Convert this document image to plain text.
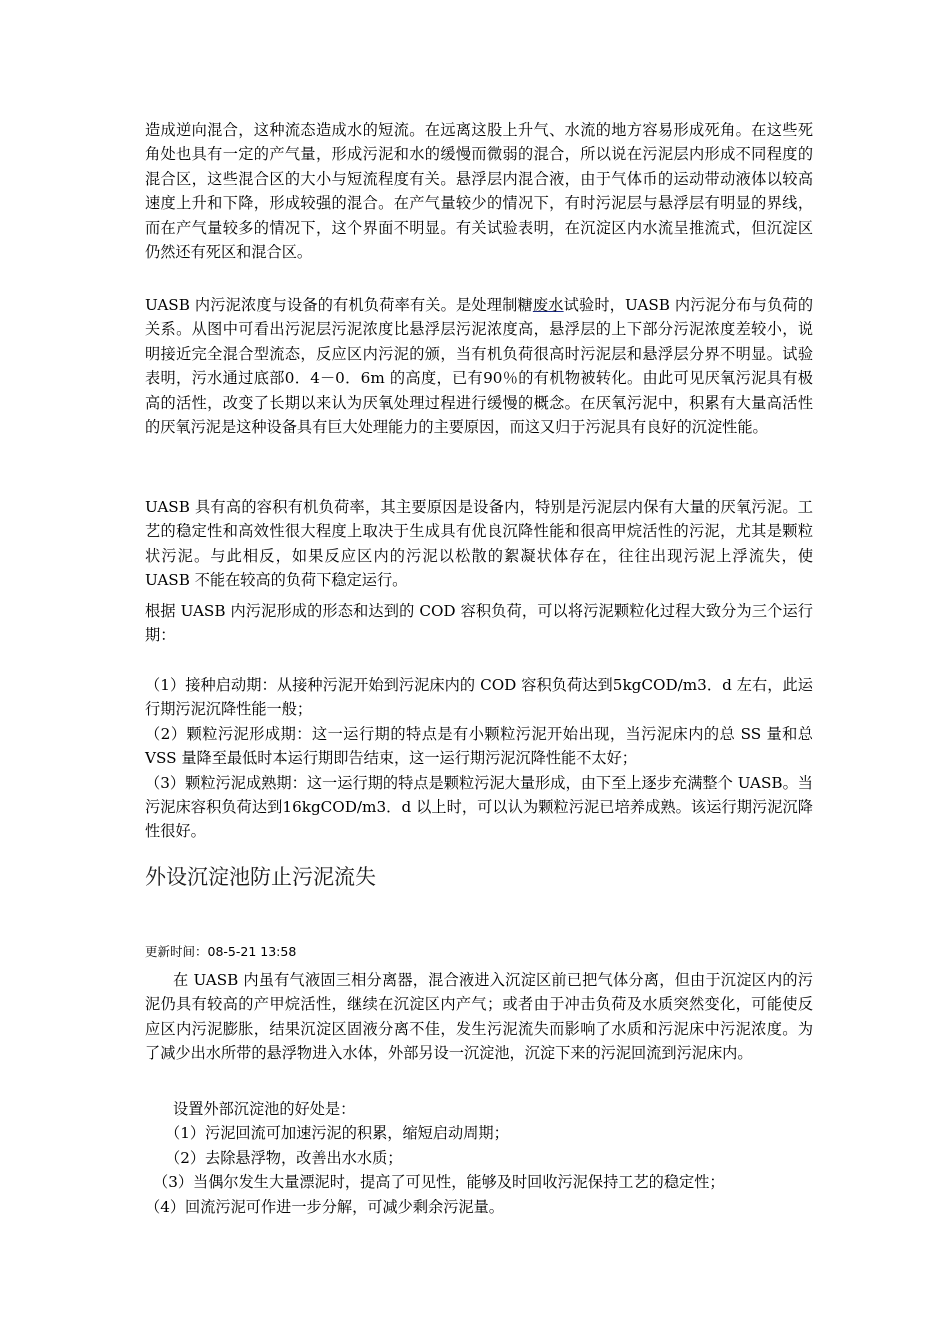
造成逆向混合，这种流态造成水的短流。在远离这股上升气、水流的地方容易形成死角。在这些死角处也具有一定的产气量，形成污泥和水的缓慢而微弱的混合，所以说在污泥层内形成不同程度的混合区，这些混合区的大小与短流程度有关。悬浮层内混合液，由于气体币的运动带动液体以较高速度上升和下降，形成较强的混合。在产气量较少的情况下，有时污泥层与悬浮层有明显的界线，而在产气量较多的情况下，这个界面不明显。有关试验表明，在沉淀区内水流呈推流式，但沉淀区仍然还有死区和混合区。

UASB 内污泥浓度与设备的有机负荷率有关。是处理制糖废水试验时，UASB 内污泥分布与负荷的关系。从图中可看出污泥层污泥浓度比悬浮层污泥浓度高，悬浮层的上下部分污泥浓度差较小，说明接近完全混合型流态，反应区内污泥的颁，当有机负荷很高时污泥层和悬浮层分界不明显。试验表明，污水通过底部0．4－0．6m 的高度，已有90％的有机物被转化。由此可见厌氧污泥具有极高的活性，改变了长期以来认为厌氧处理过程进行缓慢的概念。在厌氧污泥中，积累有大量高活性的厌氧污泥是这种设备具有巨大处理能力的主要原因，而这又归于污泥具有良好的沉淀性能。

UASB 具有高的容积有机负荷率，其主要原因是设备内，特别是污泥层内保有大量的厌氧污泥。工艺的稳定性和高效性很大程度上取决于生成具有优良沉降性能和很高甲烷活性的污泥，尤其是颗粒状污泥。与此相反，如果反应区内的污泥以松散的絮凝状体存在，往往出现污泥上浮流失，使 UASB 不能在较高的负荷下稳定运行。

根据 UASB 内污泥形成的形态和达到的 COD 容积负荷，可以将污泥颗粒化过程大致分为三个运行期：

（1）接种启动期：从接种污泥开始到污泥床内的 COD 容积负荷达到5kgCOD/m3．d 左右，此运行期污泥沉降性能一般；
（2）颗粒污泥形成期：这一运行期的特点是有小颗粒污泥开始出现，当污泥床内的总 SS 量和总 VSS 量降至最低时本运行期即告结束，这一运行期污泥沉降性能不太好；
（3）颗粒污泥成熟期：这一运行期的特点是颗粒污泥大量形成，由下至上逐步充满整个 UASB。当污泥床容积负荷达到16kgCOD/m3．d 以上时，可以认为颗粒污泥已培养成熟。该运行期污泥沉降性很好。
外设沉淀池防止污泥流失
更新时间：08-5-21 13:58

在 UASB 内虽有气液固三相分离器，混合液进入沉淀区前已把气体分离，但由于沉淀区内的污泥仍具有较高的产甲烷活性，继续在沉淀区内产气；或者由于冲击负荷及水质突然变化，可能使反应区内污泥膨胀，结果沉淀区固液分离不佳，发生污泥流失而影响了水质和污泥床中污泥浓度。为了减少出水所带的悬浮物进入水体，外部另设一沉淀池，沉淀下来的污泥回流到污泥床内。

设置外部沉淀池的好处是：
（1）污泥回流可加速污泥的积累，缩短启动周期；
（2）去除悬浮物，改善出水水质；
（3）当偶尔发生大量漂泥时，提高了可见性，能够及时回收污泥保持工艺的稳定性；
（4）回流污泥可作进一步分解，可减少剩余污泥量。
